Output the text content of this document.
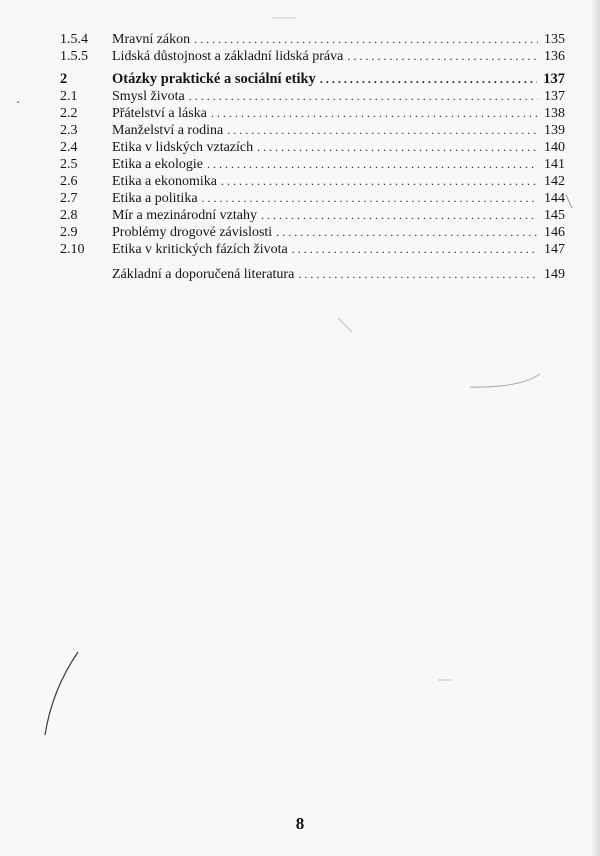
1.5.4 Mravní zákon . . .	135
1.5.5 Lidská důstojnost a základní lidská práva . . .	136
2	Otázky praktické a sociální etiky . . .	137
2.1 Smysl života . . .	137
2.2 Přátelství a láska . . .	138
2.3 Manželství a rodina . . .	139
2.4 Etika v lidských vztazích . . .	140
2.5 Etika a ekologie . . .	141
2.6 Etika a ekonomika . . .	142
2.7 Etika a politika . . .	144
2.8 Mír a mezinárodní vztahy . . .	145
2.9 Problémy drogové závislosti . . .	146
2.10 Etika v kritických fázích života . . .	147
Základní a doporučená literatura . . .	149
8
